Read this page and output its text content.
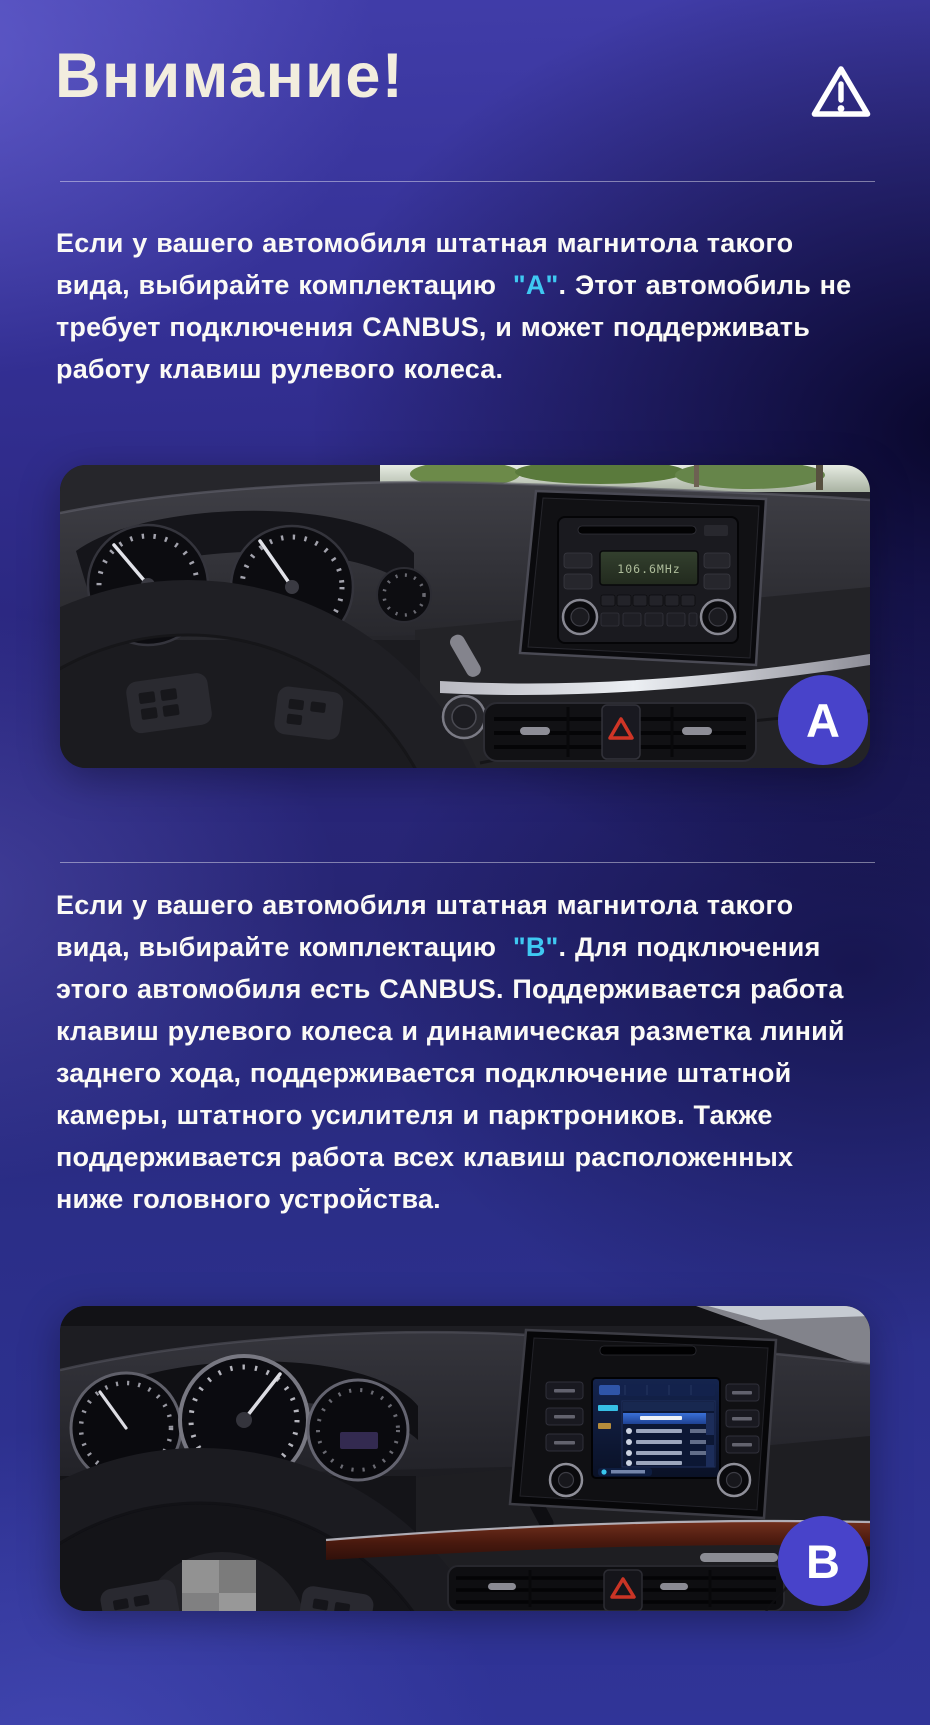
Внимание!

Если у вашего автомобиля штатная магнитола такого вида, выбирайте комплектацию "А". Этот автомобиль не требует подключения CANBUS, и может поддерживать работу клавиш рулевого колеса.

106.6MHz
A

Если у вашего автомобиля штатная магнитола такого вида, выбирайте комплектацию "В". Для подключения этого автомобиля есть CANBUS. Поддерживается работа клавиш рулевого колеса и динамическая разметка линий заднего хода, поддерживается подключение штатной камеры, штатного усилителя и парктроников. Также поддерживается работа всех клавиш расположенных ниже головного устройства.

B
